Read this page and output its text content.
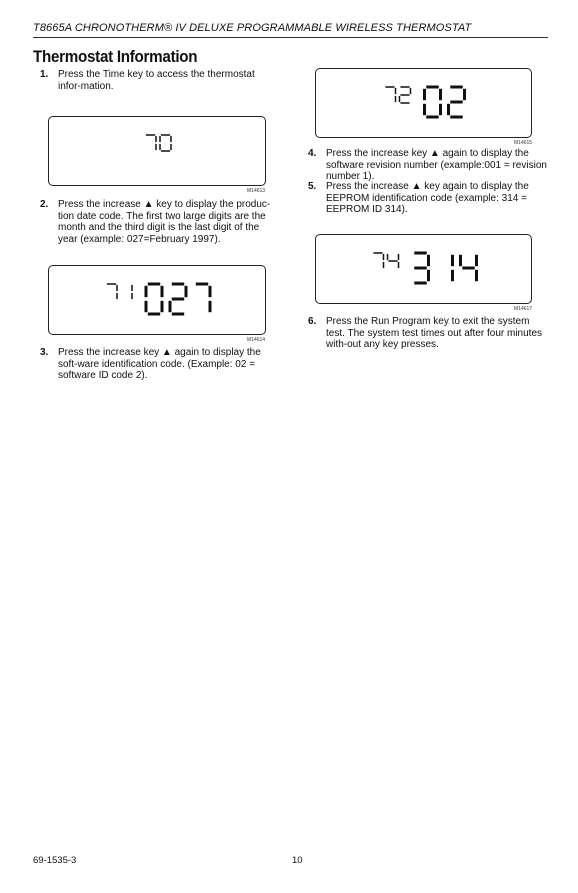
T8665A CHRONOTHERM® IV DELUXE PROGRAMMABLE WIRELESS THERMOSTAT
Thermostat Information
1. Press the Time key to access the thermostat infor-mation.
M14613
2. Press the increase ▲ key to display the produc-tion date code. The first two large digits are the month and the third digit is the last digit of the year (example: 027=February 1997).
M14614
3. Press the increase key ▲ again to display the soft-ware identification code. (Example: 02 = software ID code 2).
M14615
4. Press the increase key ▲ again to display the software revision number (example:001 = revision number 1).
5. Press the increase ▲ key again to display the EEPROM identification code (example: 314 = EEPROM ID 314).
M14617
6. Press the Run Program key to exit the system test. The system test times out after four minutes with-out any key presses.
69-1535-3	10
